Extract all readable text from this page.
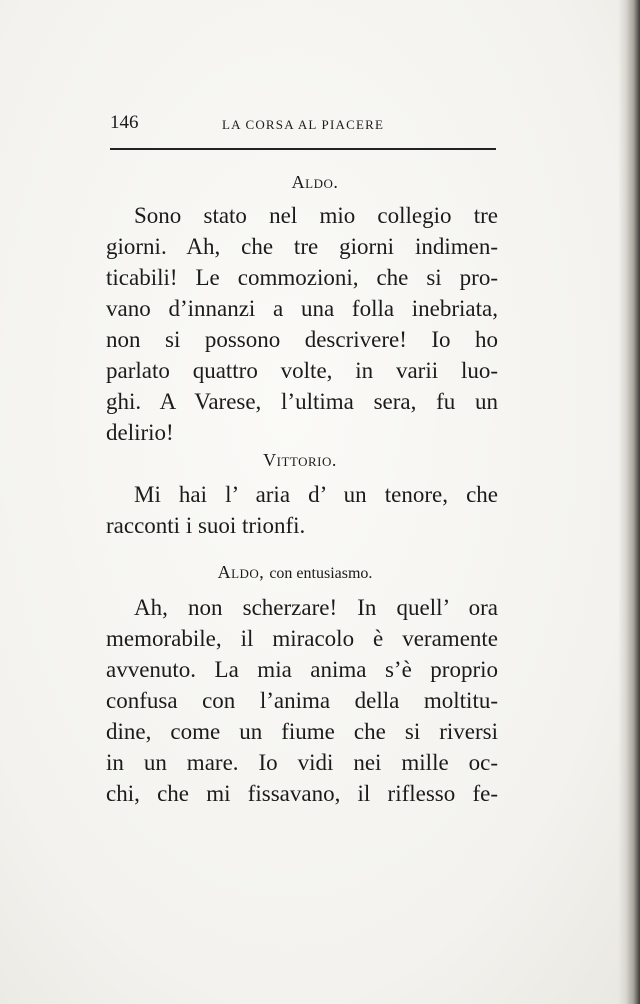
146	LA CORSA AL PIACERE
Aldo.
Sono stato nel mio collegio tre
giorni. Ah, che tre giorni indimen-
ticabili! Le commozioni, che si pro-
vano d’innanzi a una folla inebriata,
non si possono descrivere! Io ho
parlato quattro volte, in varii luo-
ghi. A Varese, l’ultima sera, fu un
delirio!
Vittorio.
Mi hai l’ aria d’ un tenore, che
racconti i suoi trionfi.
Aldo, con entusiasmo.
Ah, non scherzare! In quell’ ora
memorabile, il miracolo è veramente
avvenuto. La mia anima s’è proprio
confusa con l’anima della moltitu-
dine, come un fiume che si riversi
in un mare. Io vidi nei mille oc-
chi, che mi fissavano, il riflesso fe-
